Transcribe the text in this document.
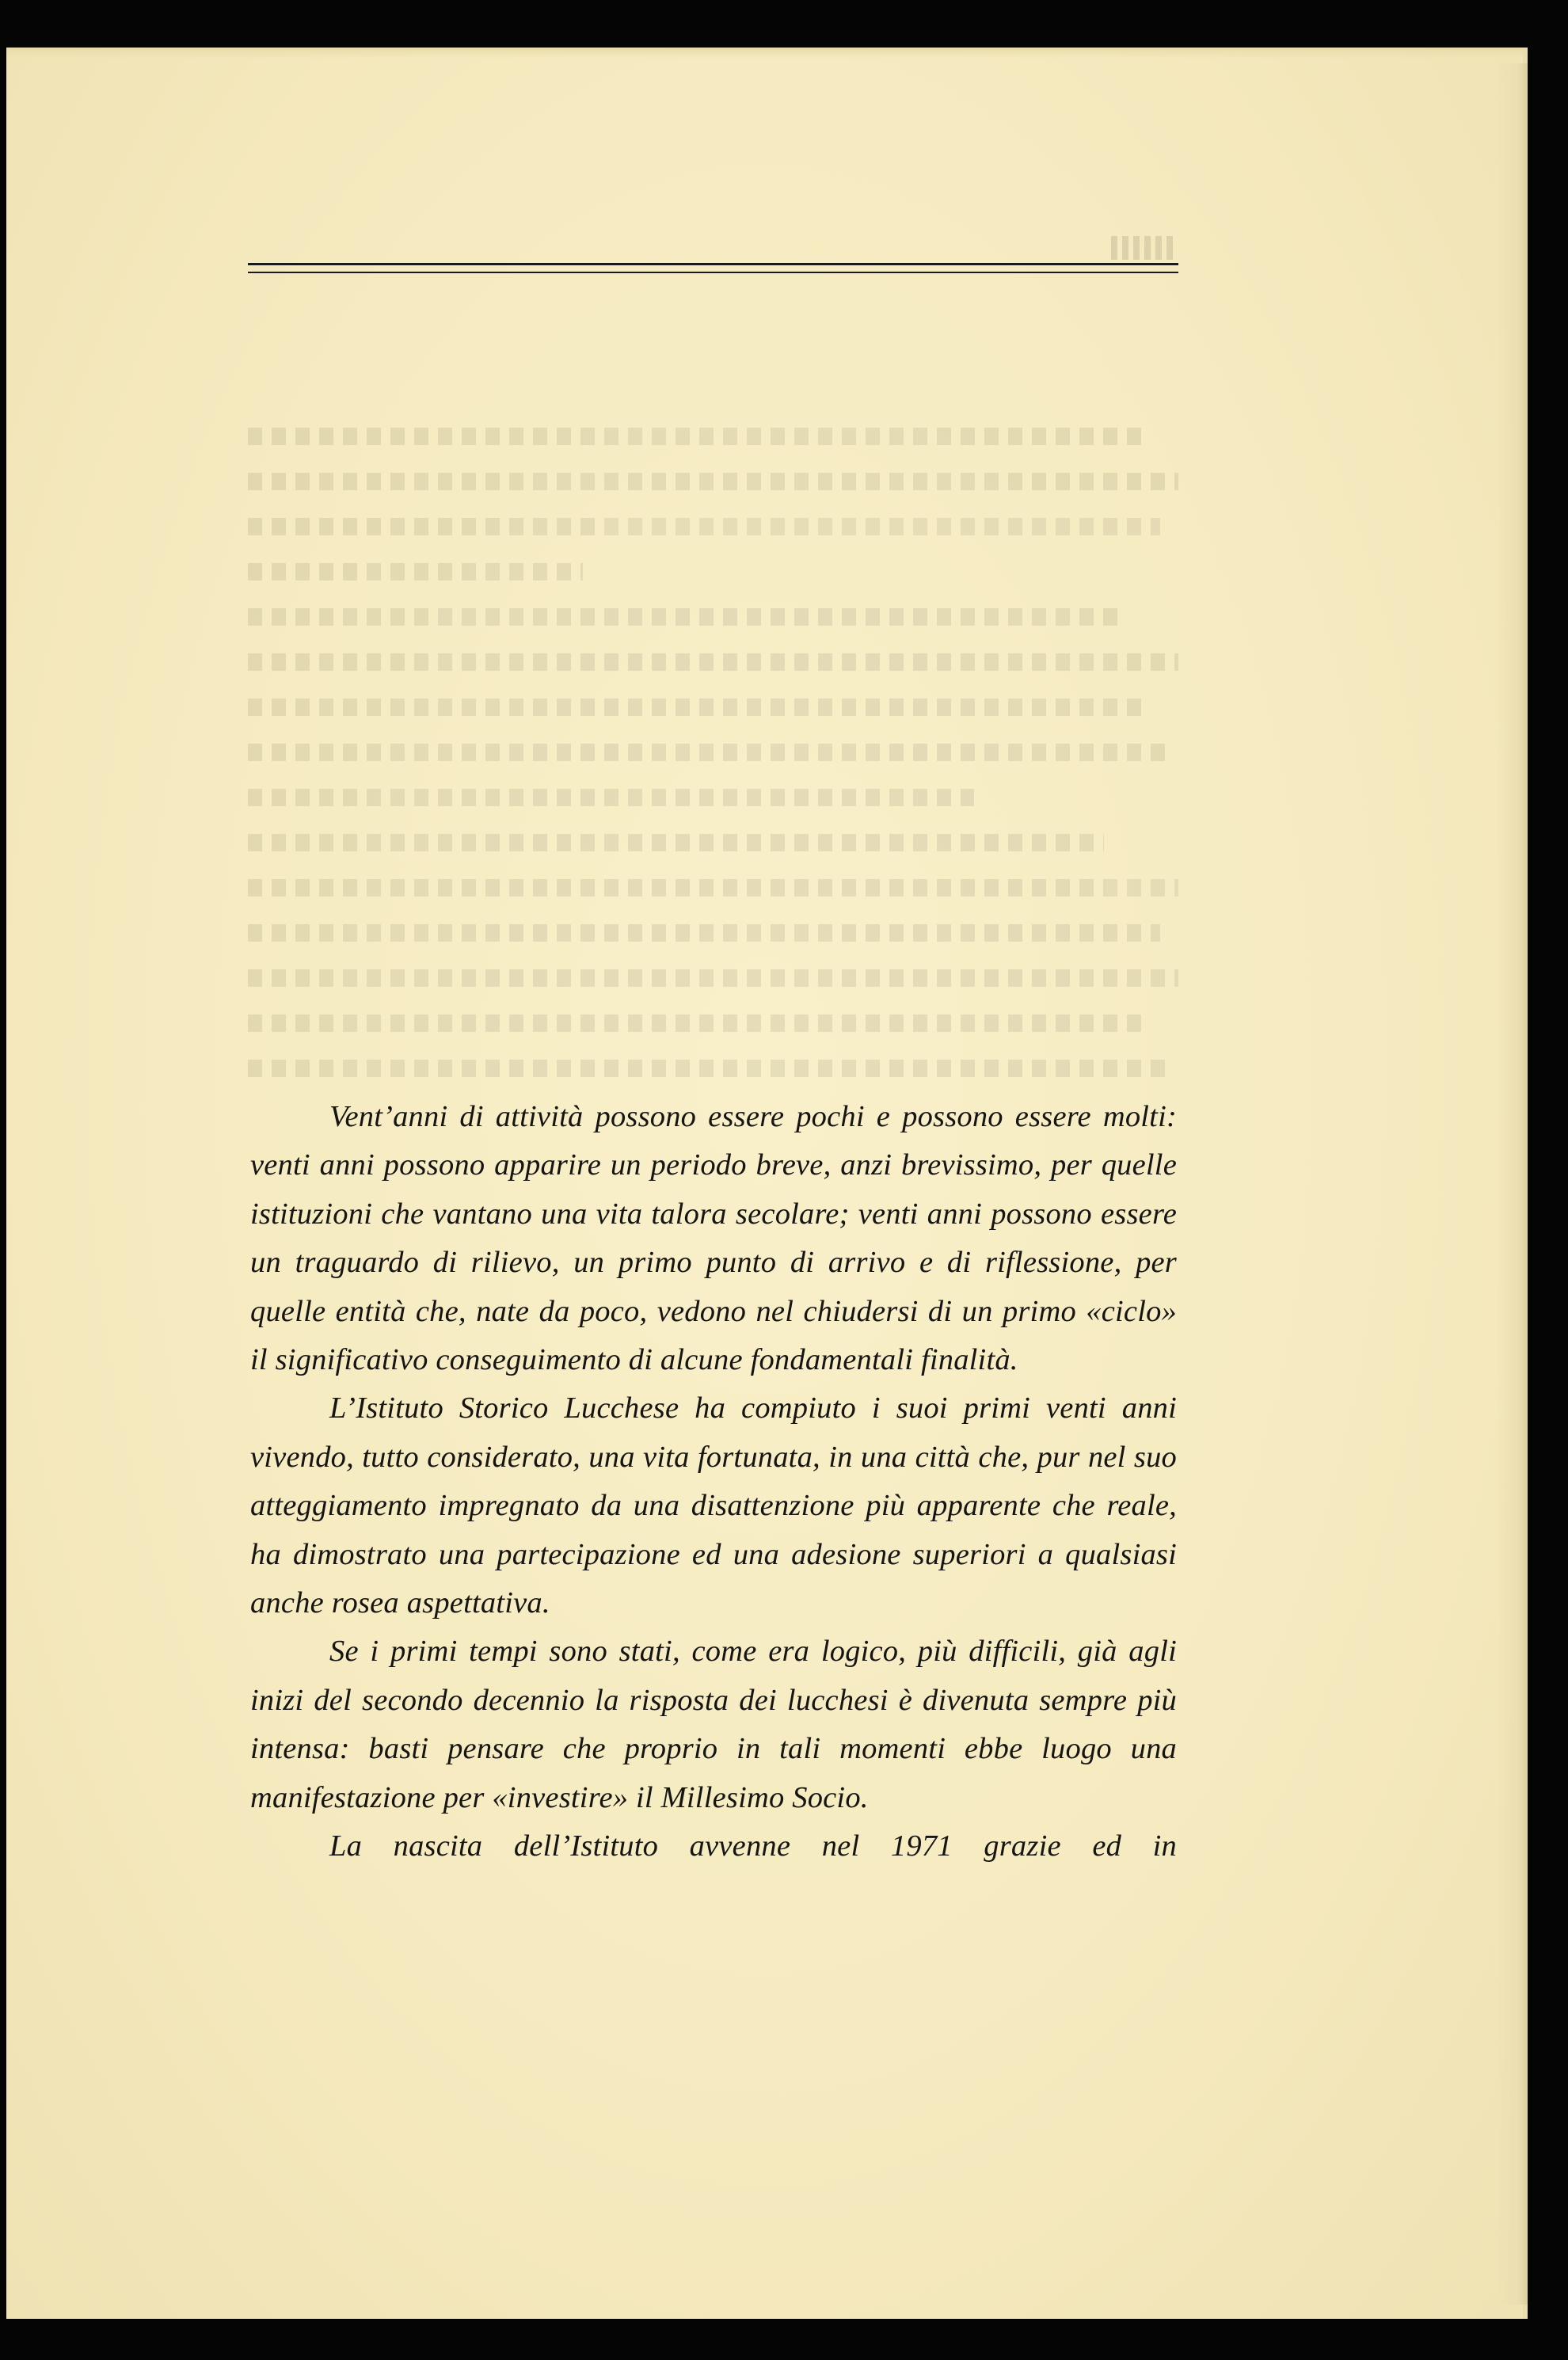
Vent’anni di attività possono essere pochi e possono essere molti: venti anni possono apparire un periodo breve, anzi brevissimo, per quelle istituzioni che vantano una vita talora secolare; venti anni possono essere un traguardo di rilievo, un primo punto di arrivo e di riflessione, per quelle entità che, nate da poco, vedono nel chiudersi di un primo «ciclo» il significativo conseguimento di alcune fondamentali finalità.

L’Istituto Storico Lucchese ha compiuto i suoi primi venti anni vivendo, tutto considerato, una vita fortunata, in una città che, pur nel suo atteggiamento impregnato da una disattenzione più apparente che reale, ha dimostrato una partecipazione ed una adesione superiori a qualsiasi anche rosea aspettativa.

Se i primi tempi sono stati, come era logico, più difficili, già agli inizi del secondo decennio la risposta dei lucchesi è divenuta sempre più intensa: basti pensare che proprio in tali momenti ebbe luogo una manifestazione per «investire» il Millesimo Socio.

La nascita dell’Istituto avvenne nel 1971 grazie ed in
